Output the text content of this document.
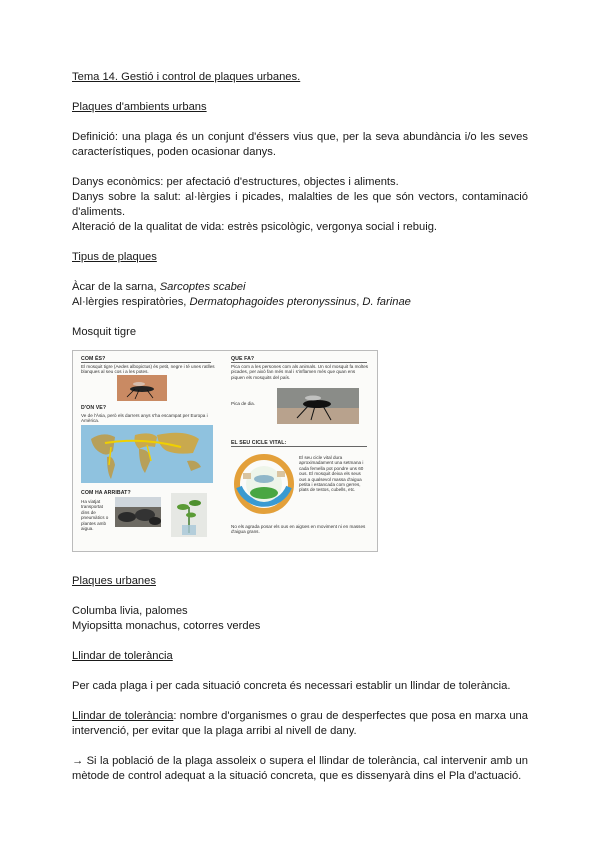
Tema 14. Gestió i control de plaques urbanes.

Plaques d'ambients urbans

Definició: una plaga és un conjunt d'éssers vius que, per la seva abundància i/o les seves característiques, poden ocasionar danys.

Danys econòmics: per afectació d'estructures, objectes i aliments.

Danys sobre la salut: al·lèrgies i picades, malalties de les que són vectors, contaminació d'aliments.

Alteració de la qualitat de vida: estrès psicològic, vergonya social i rebuig.

Tipus de plaques

Àcar de la sarna, Sarcoptes scabei

Al·lèrgies respiratòries, Dermatophagoides pteronyssinus, D. farinae

Mosquit tigre

COM ÉS?
El mosquit tigre (Aedes albopictus) és petit, negre i té unes ratlles blanques al seu cos i a les potes.
D'ON VE?
Ve de l'Àsia, però els darrers anys s'ha escampat per Europa i Amèrica.
COM HA ARRIBAT?
Ha viatjat transportat dins de pneumàtics o plantes amb aigua.
QUE FA?
Pica com a les persones com als animals. Un sol mosquit fa moltes picades, per això fan més mal i s'inflamen més que quan ens piquen els mosquits del país.
Pica de dia.
EL SEU CICLE VITAL:
El seu cicle vital dura aproximadament una setmana i cada femella pot pondre uns 60 ous. El mosquit deixa els seus ous a qualsevol massa d'aigua petita i estancada com gerres, plats de testos, cubells, etc.
No els agrada posar els ous en aigües en moviment ni en masses d'aigua grans.

Plaques urbanes

Columba livia, palomes

Myiopsitta monachus, cotorres verdes

Llindar de tolerància

Per cada plaga i per cada situació concreta és necessari establir un llindar de tolerància.

Llindar de tolerància: nombre d'organismes o grau de desperfectes que posa en marxa una intervenció, per evitar que la plaga arribi al nivell de dany.

→ Si la població de la plaga assoleix o supera el llindar de tolerància, cal intervenir amb un mètode de control adequat a la situació concreta, que es dissenyarà dins el Pla d'actuació.
